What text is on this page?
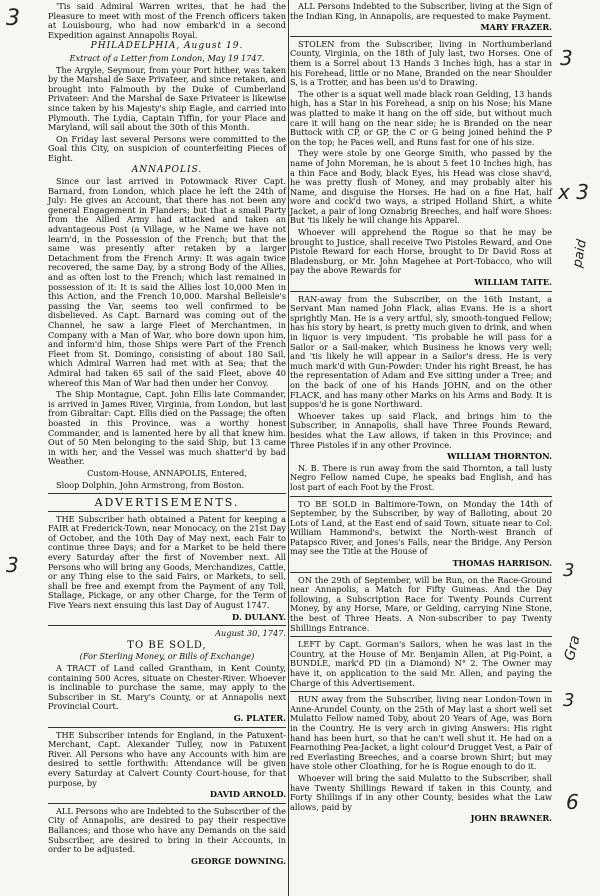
'Tis said Admiral Warren writes, that he had the Pleasure to meet with most of the French officers taken at Louisbourg, who had now embark'd in a second Expedition against Annapolis Royal.

PHILADELPHIA, August 19.

Extract of a Letter from London, May 19 1747.

The Argyle, Seymour, from your Port hither, was taken by the Marshal de Saxe Privateer, and since retaken, and brought into Falmouth by the Duke of Cumberland Privateer: And the Marshal de Saxe Privateer is likewise since taken by his Majesty's ship Eagle, and carried into Plymouth. The Lydia, Captain Tiffin, for your Place and Maryland, will sail about the 30th of this Month.

On Friday last several Persons were committed to the Goal this City, on suspicion of counterfeiting Pieces of Eight.

ANNAPOLIS.

Since our last arrived in Potowmack River Capt. Barnard, from London, which place he left the 24th of July: He gives an Account, that there has not been any general Engagement in Flanders; but that a small Party from the Allied Army had attacked and taken an advantageous Post (a Village, w he Name we have not learn'd, in the Possession of the French; but that the same was presently after retaken by a larger Detachment from the French Army: It was again twice recovered, the same Day, by a strong Body of the Allies, and as often lost to the French; which last remained in possession of it: It is said the Allies lost 10,000 Men in this Action, and the French 10,000. Marshal Belleisle's passing the Var, seems too well confirmed to be disbelieved. As Capt. Barnard was coming out of the Channel, he saw a large Fleet of Merchantmen, in Company with a Man of War, who bore down upon him, and inform'd him, those Ships were Part of the French Fleet from St. Domingo, consisting of about 180 Sail, which Admiral Warren had met with at Sea; that the Admiral had taken 65 sail of the said Fleet, above 40 whereof this Man of War had then under her Convoy.

The Ship Montague, Capt. John Ellis late Commander, is arrived in James River, Virginia, from London, but last from Gibraltar: Capt. Ellis died on the Passage; the often boasted in this Province, was a worthy honest Commander, and is lamented here by all that knew him. Out of 50 Men belonging to the said Ship, but 13 came in with her, and the Vessel was much shatter'd by bad Weather.

Custom-House, ANNAPOLIS, Entered,

Sloop Dolphin, John Armstrong, from Boston.

ADVERTISEMENTS.

THE Subscriber hath obtained a Patent for keeping a FAIR at Frederick-Town, near Monocacy, on the 21st Day of October, and the 10th Day of May next, each Fair to continue three Days; and for a Market to be held there every Saturday after the first of November next. All Persons who will bring any Goods, Merchandizes, Cattle, or any Thing else to the said Fairs, or Markets, to sell, shall be free and exempt from the Payment of any Toll, Stallage, Pickage, or any other Charge, for the Term of Five Years next ensuing this last Day of August 1747.

D. DULANY.

August 30, 1747.

TO BE SOLD,

(For Sterling Money, or Bills of Exchange)

A TRACT of Land called Grantham, in Kent County, containing 500 Acres, situate on Chester-River. Whoever is inclinable to purchase the same, may apply to the Subscriber in St. Mary's County, or at Annapolis next Provincial Court.

G. PLATER.

THE Subscriber intends for England, in the Patuxent-Merchant, Capt. Alexander Tulley, now in Patuxent River. All Persons who have any Accounts with him are desired to settle forthwith: Attendance will be given every Saturday at Calvert County Court-house, for that purpose, by

DAVID ARNOLD.

ALL Persons who are Indebted to the Subscriber of the City of Annapolis, are desired to pay their respective Ballances; and those who have any Demands on the said Subscriber, are desired to bring in their Accounts, in order to be adjusted.

GEORGE DOWNING.

ALL Persons Indebted to the Subscriber, living at the Sign of the Indian King, in Annapolis, are requested to make Payment.

MARY FRAZER.

STOLEN from the Subscriber, living in Northumberland County, Virginia, on the 18th of July last, two Horses. One of them is a Sorrel about 13 Hands 3 Inches high, has a star in his Forehead, little or no Mane, Branded on the near Shoulder S, is a Trotter, and has been us'd to Drawing.

The other is a squat well made black roan Gelding, 13 hands high, has a Star in his Forehead, a snip on his Nose; his Mane was platted to make it hang on the off side, but without much care it will hang on the near side; he is Branded on the near Buttock with CP, or GP, the C or G being joined behind the P on the top; he Paces well, and Runs fast for one of his size.

They were stole by one George Smith, who passed by the name of John Moreman, he is about 5 feet 10 Inches high, has a thin Face and Body, black Eyes, his Head was close shav'd, he was pretty flush of Money, and may probably alter his Name, and disguise the Horses. He had on a fine Hat, half wore and cock'd two ways, a striped Holland Shirt, a white Jacket, a pair of long Oznabrig Breeches, and half wore Shoes: But 'tis likely he will change his Apparel.

Whoever will apprehend the Rogue so that he may be brought to Justice, shall receive Two Pistoles Reward, and One Pistole Reward for each Horse, brought to Dr David Ross at Bladensburg, or Mr. John Magehee at Port-Tobacco, who will pay the above Rewards for

WILLIAM TAITE.

RAN-away from the Subscriber, on the 16th Instant, a Servant Man named John Flack, alias Evans. He is a short sprightly Man. He is a very artful, sly, smooth-tongued Fellow; has his story by heart, is pretty much given to drink, and when in liquor is very impudent. 'Tis probable he will pass for a Sailor or a Sail-maker, which Business he knows very well; and 'tis likely he will appear in a Sailor's dress. He is very much mark'd with Gun-Powder: Under his right Breast, he has the representation of Adam and Eve sitting under a Tree; and on the back of one of his Hands JOHN, and on the other FLACK, and has many other Marks on his Arms and Body. It is suppos'd he is gone Northward.

Whoever takes up said Flack, and brings him to the Subscriber, in Annapolis, shall have Three Pounds Reward, besides what the Law allows, if taken in this Province; and Three Pistoles if in any other Province.

WILLIAM THORNTON.

N. B. There is run away from the said Thornton, a tall lusty Negro Fellow named Cupe, he speaks bad English, and has lost part of each Foot by the Frost.

TO BE SOLD in Baltimore-Town, on Monday the 14th of September, by the Subscriber, by way of Balloting, about 20 Lots of Land, at the East end of said Town, situate near to Col. William Hammond's, betwixt the North-west Branch of Patapsco River, and Jones's Falls, near the Bridge. Any Person may see the Title at the House of

THOMAS HARRISON.

ON the 29th of September, will be Run, on the Race-Ground near Annapolis, a Match for Fifty Guineas. And the Day following, a Subscription Race for Twenty Pounds Current Money, by any Horse, Mare, or Gelding, carrying Nine Stone, the best of Three Heats. A Non-subscriber to pay Twenty Shillings Entrance.

LEFT by Capt. Gorman's Sailors, when he was last in the Country, at the House of Mr. Benjamin Allen, at Pig-Point, a BUNDLE, mark'd PD (in a Diamond) N° 2. The Owner may have it, on application to the said Mr. Allen, and paying the Charge of this Advertisement.

RUN away from the Subscriber, living near London-Town in Anne-Arundel County, on the 25th of May last a short well set Mulatto Fellow named Toby, about 20 Years of Age, was Born in the Country. He is very arch in giving Answers: His right hand has been hurt, so that he can't well shut it. He had on a Fearnothing Pea-Jacket, a light colour'd Drugget Vest, a Pair of red Everlasting Breeches, and a coarse brown Shirt; but may have stole other Cloathing, for he is Rogue enough to do it.

Whoever will bring the said Mulatto to the Subscriber, shall have Twenty Shillings Reward if taken in this County, and Forty Shillings if in any other County, besides what the Law allows, paid by

JOHN BRAWNER.

3
3
x 3
paid
3	3
Gra
3
6
